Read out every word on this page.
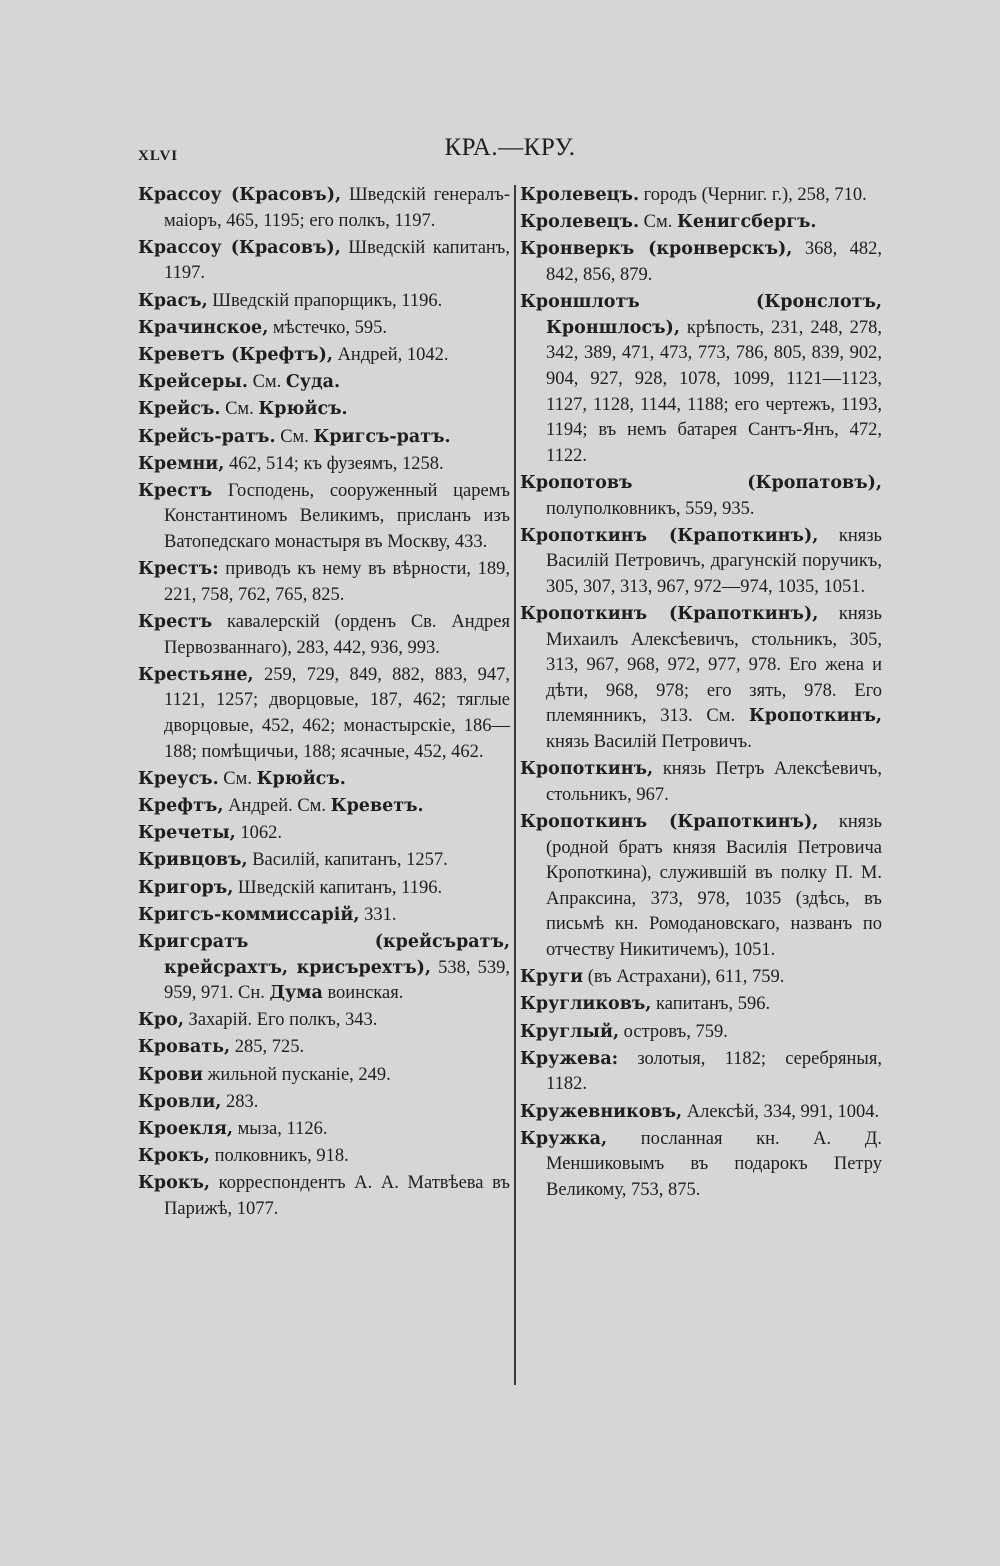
XLVI	КРА.—КРУ.

Крассоу (Красовъ), Шведскій генералъ-маіоръ, 465, 1195; его полкъ, 1197.

Крассоу (Красовъ), Шведскій капитанъ, 1197.

Красъ, Шведскій прапорщикъ, 1196.

Крачинское, мѣстечко, 595.

Креветъ (Крефтъ), Андрей, 1042.

Крейсеры. См. Суда.

Крейсъ. См. Крюйсъ.

Крейсъ-ратъ. См. Кригсъ-ратъ.

Кремни, 462, 514; къ фузеямъ, 1258.

Крестъ Господень, сооруженный царемъ Константиномъ Великимъ, присланъ изъ Ватопедскаго монастыря въ Москву, 433.

Крестъ: приводъ къ нему въ вѣрности, 189, 221, 758, 762, 765, 825.

Крестъ кавалерскій (орденъ Св. Андрея Первозваннаго), 283, 442, 936, 993.

Крестьяне, 259, 729, 849, 882, 883, 947, 1121, 1257; дворцовые, 187, 462; тяглые дворцовые, 452, 462; монастырскіе, 186—188; помѣщичьи, 188; ясачные, 452, 462.

Креусъ. См. Крюйсъ.

Крефтъ, Андрей. См. Креветъ.

Кречеты, 1062.

Кривцовъ, Василій, капитанъ, 1257.

Кригоръ, Шведскій капитанъ, 1196.

Кригсъ-коммиссарій, 331.

Кригсратъ (крейсъратъ, крейсрахтъ, крисърехтъ), 538, 539, 959, 971. Сн. Дума воинская.

Кро, Захарій. Его полкъ, 343.

Кровать, 285, 725.

Крови жильной пусканіе, 249.

Кровли, 283.

Кроекля, мыза, 1126.

Крокъ, полковникъ, 918.

Крокъ, корреспондентъ А. А. Матвѣева въ Парижѣ, 1077.

Кролевецъ. городъ (Черниг. г.), 258, 710.

Кролевецъ. См. Кенигсбергъ.

Кронверкъ (кронверскъ), 368, 482, 842, 856, 879.

Кроншлотъ (Кронслотъ, Кроншлосъ), крѣпость, 231, 248, 278, 342, 389, 471, 473, 773, 786, 805, 839, 902, 904, 927, 928, 1078, 1099, 1121—1123, 1127, 1128, 1144, 1188; его чертежъ, 1193, 1194; въ немъ батарея Сантъ-Янъ, 472, 1122.

Кропотовъ (Кропатовъ), полуполковникъ, 559, 935.

Кропоткинъ (Крапоткинъ), князь Василій Петровичъ, драгунскій поручикъ, 305, 307, 313, 967, 972—974, 1035, 1051.

Кропоткинъ (Крапоткинъ), князь Михаилъ Алексѣевичъ, стольникъ, 305, 313, 967, 968, 972, 977, 978. Его жена и дѣти, 968, 978; его зять, 978. Его племянникъ, 313. См. Кропоткинъ, князь Василій Петровичъ.

Кропоткинъ, князь Петръ Алексѣевичъ, стольникъ, 967.

Кропоткинъ (Крапоткинъ), князь (родной братъ князя Василія Петровича Кропоткина), служившій въ полку П. М. Апраксина, 373, 978, 1035 (здѣсь, въ письмѣ кн. Ромодановскаго, названъ по отчеству Никитичемъ), 1051.

Круги (въ Астрахани), 611, 759.

Кругликовъ, капитанъ, 596.

Круглый, островъ, 759.

Кружева: золотыя, 1182; серебряныя, 1182.

Кружевниковъ, Алексѣй, 334, 991, 1004.

Кружка, посланная кн. А. Д. Меншиковымъ въ подарокъ Петру Великому, 753, 875.
